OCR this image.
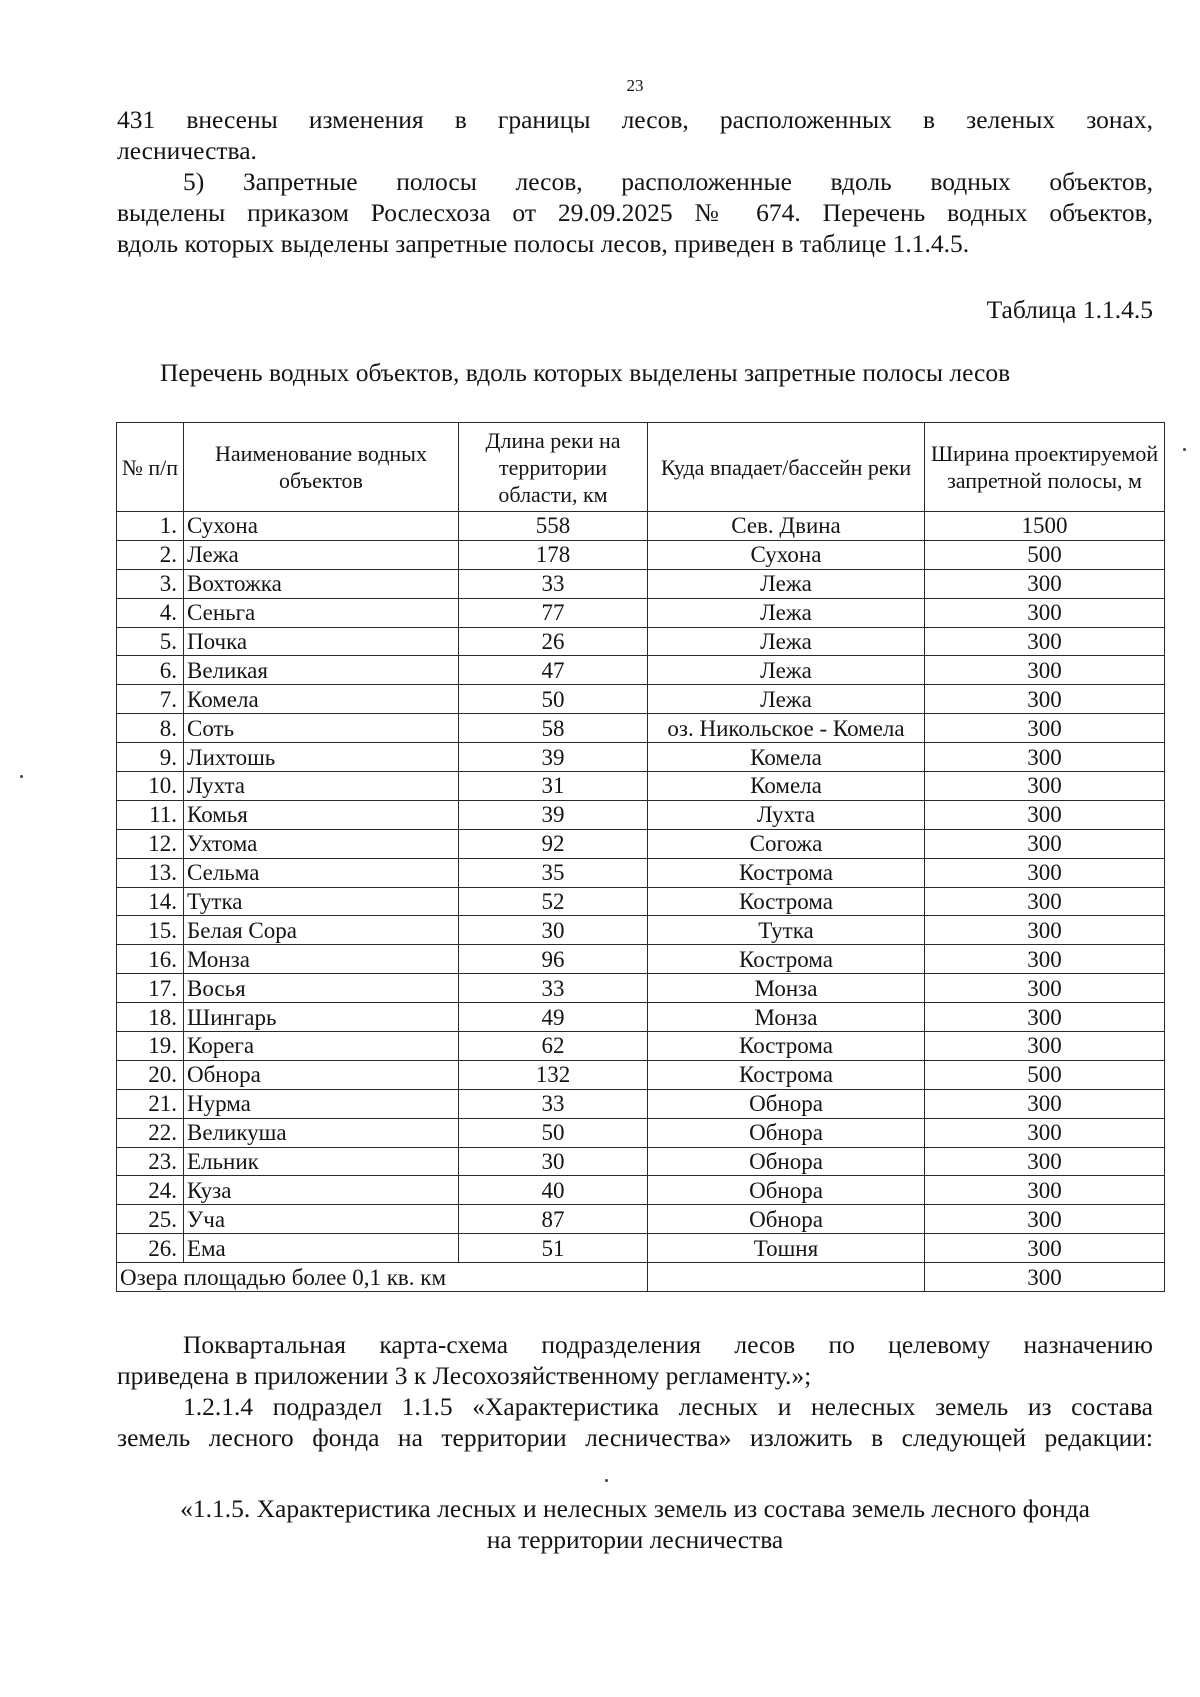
23
431 внесены изменения в границы лесов, расположенных в зеленых зонах,
лесничества.
5) Запретные полосы лесов, расположенные вдоль водных объектов,
выделены приказом Рослесхоза от 29.09.2025 № 674. Перечень водных объектов,
вдоль которых выделены запретные полосы лесов, приведен в таблице 1.1.4.5.
Таблица 1.1.4.5
Перечень водных объектов, вдоль которых выделены запретные полосы лесов
№ п/п	Наименование водных объектов	Длина реки на территории области, км	Куда впадает/бассейн реки	Ширина проектируемой запретной полосы, м
1.	Сухона	558	Сев. Двина	1500
2.	Лежа	178	Сухона	500
3.	Вохтожка	33	Лежа	300
4.	Сеньга	77	Лежа	300
5.	Почка	26	Лежа	300
6.	Великая	47	Лежа	300
7.	Комела	50	Лежа	300
8.	Соть	58	оз. Никольское - Комела	300
9.	Лихтошь	39	Комела	300
10.	Лухта	31	Комела	300
11.	Комья	39	Лухта	300
12.	Ухтома	92	Согожа	300
13.	Сельма	35	Кострома	300
14.	Тутка	52	Кострома	300
15.	Белая Сора	30	Тутка	300
16.	Монза	96	Кострома	300
17.	Восья	33	Монза	300
18.	Шингарь	49	Монза	300
19.	Корега	62	Кострома	300
20.	Обнора	132	Кострома	500
21.	Нурма	33	Обнора	300
22.	Великуша	50	Обнора	300
23.	Ельник	30	Обнора	300
24.	Куза	40	Обнора	300
25.	Уча	87	Обнора	300
26.	Ема	51	Тошня	300
Озера площадью более 0,1 кв. км				300
Поквартальная карта-схема подразделения лесов по целевому назначению
приведена в приложении 3 к Лесохозяйственному регламенту.»;
1.2.1.4 подраздел 1.1.5 «Характеристика лесных и нелесных земель из состава
земель лесного фонда на территории лесничества» изложить в следующей редакции:
«1.1.5. Характеристика лесных и нелесных земель из состава земель лесного фонда
на территории лесничества
